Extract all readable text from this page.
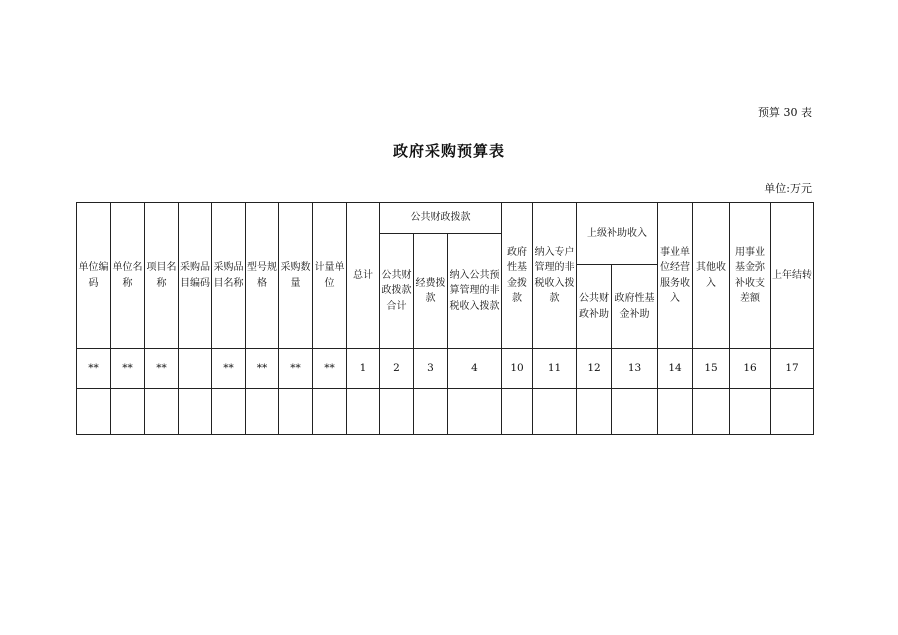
预算 30 表
政府采购预算表
单位:万元
单位编码	单位名称	项目名称	采购品目编码	采购品目名称	型号规格	采购数量	计量单位	总计	公共财政拨款			政府性基金拨款	纳入专户管理的非税收入拨款	上级补助收入		事业单位经营服务收入	其他收入	用事业基金弥补收支差额	上年结转

									公共财政拨款合计	经费拨款	纳入公共预算管理的非税收入拨款								

														公共财政补助	政府性基金补助				

**	**	**		**	**	**	**	1	2	3	4	10	11	12	13	14	15	16	17
